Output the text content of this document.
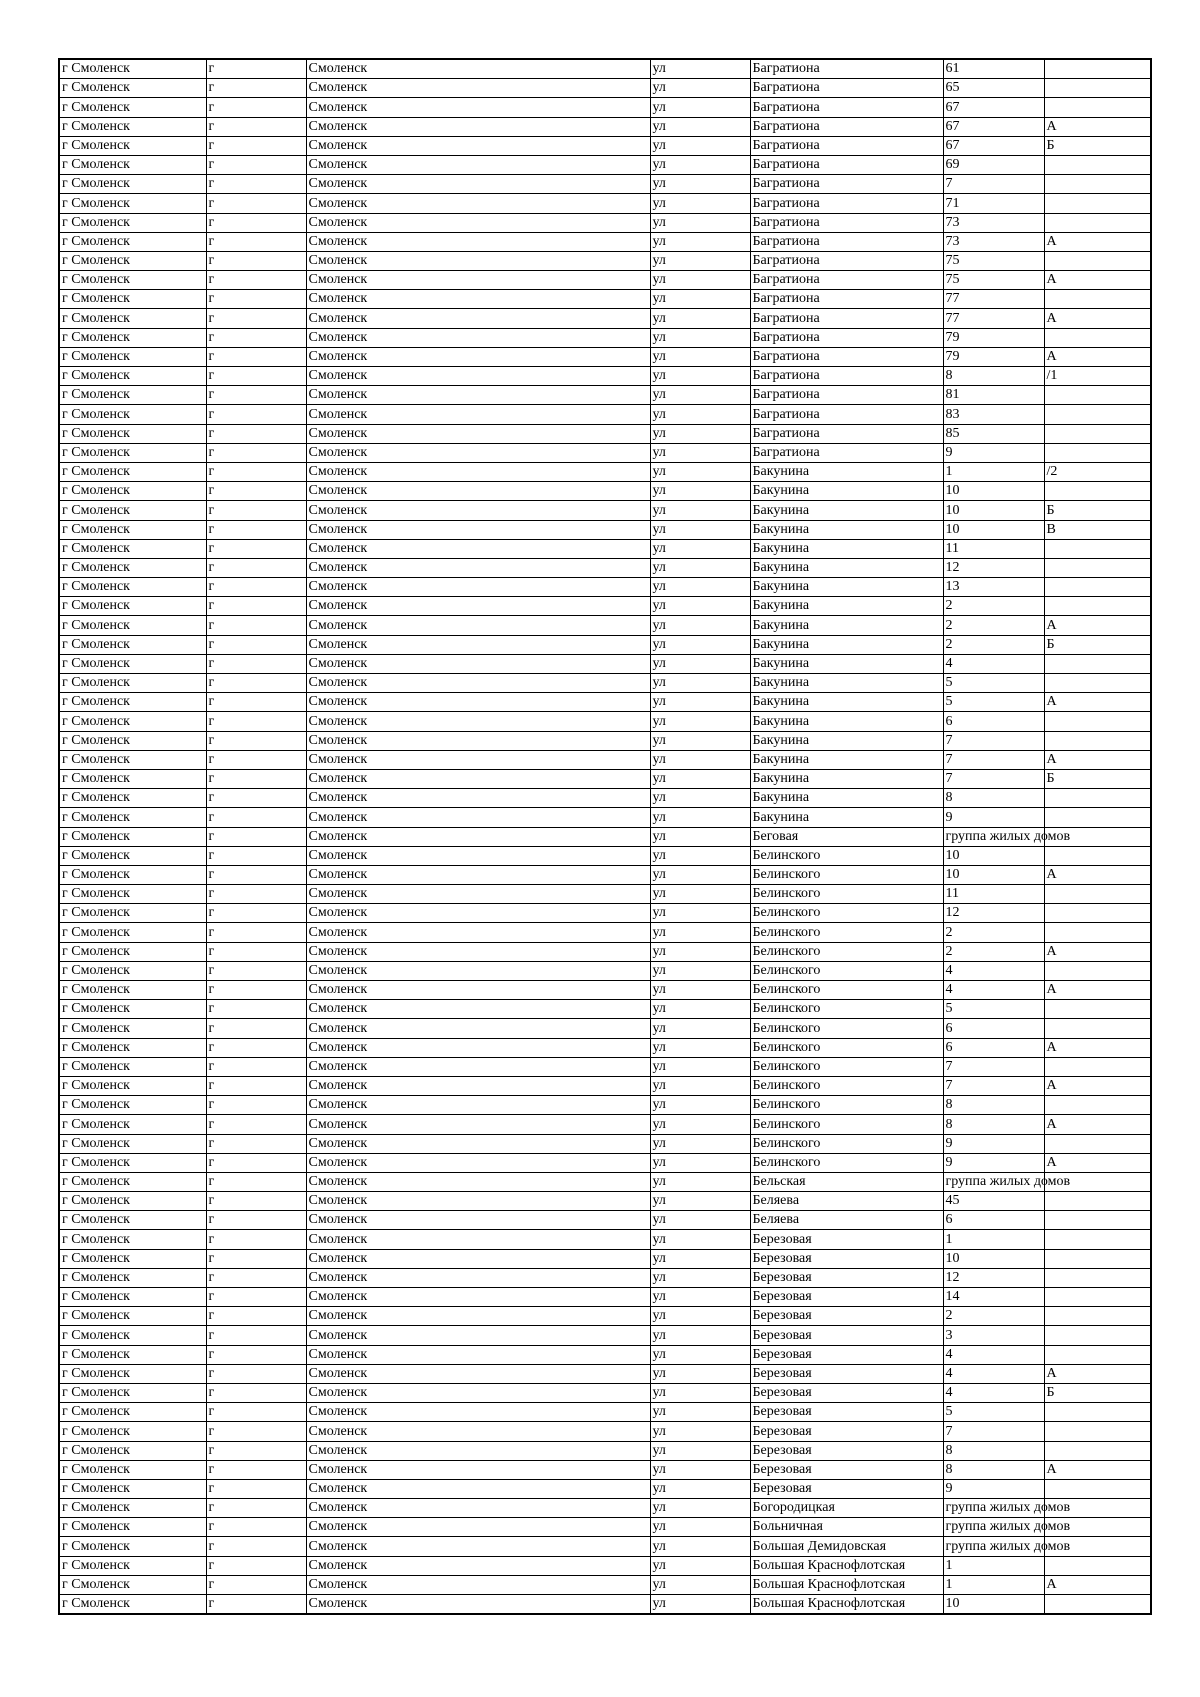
г Смоленск	г	Смоленск	ул	Багратиона	61	
г Смоленск	г	Смоленск	ул	Багратиона	65	
г Смоленск	г	Смоленск	ул	Багратиона	67	
г Смоленск	г	Смоленск	ул	Багратиона	67	А
г Смоленск	г	Смоленск	ул	Багратиона	67	Б
г Смоленск	г	Смоленск	ул	Багратиона	69	
г Смоленск	г	Смоленск	ул	Багратиона	7	
г Смоленск	г	Смоленск	ул	Багратиона	71	
г Смоленск	г	Смоленск	ул	Багратиона	73	
г Смоленск	г	Смоленск	ул	Багратиона	73	А
г Смоленск	г	Смоленск	ул	Багратиона	75	
г Смоленск	г	Смоленск	ул	Багратиона	75	А
г Смоленск	г	Смоленск	ул	Багратиона	77	
г Смоленск	г	Смоленск	ул	Багратиона	77	А
г Смоленск	г	Смоленск	ул	Багратиона	79	
г Смоленск	г	Смоленск	ул	Багратиона	79	А
г Смоленск	г	Смоленск	ул	Багратиона	8	/1
г Смоленск	г	Смоленск	ул	Багратиона	81	
г Смоленск	г	Смоленск	ул	Багратиона	83	
г Смоленск	г	Смоленск	ул	Багратиона	85	
г Смоленск	г	Смоленск	ул	Багратиона	9	
г Смоленск	г	Смоленск	ул	Бакунина	1	/2
г Смоленск	г	Смоленск	ул	Бакунина	10	
г Смоленск	г	Смоленск	ул	Бакунина	10	Б
г Смоленск	г	Смоленск	ул	Бакунина	10	В
г Смоленск	г	Смоленск	ул	Бакунина	11	
г Смоленск	г	Смоленск	ул	Бакунина	12	
г Смоленск	г	Смоленск	ул	Бакунина	13	
г Смоленск	г	Смоленск	ул	Бакунина	2	
г Смоленск	г	Смоленск	ул	Бакунина	2	А
г Смоленск	г	Смоленск	ул	Бакунина	2	Б
г Смоленск	г	Смоленск	ул	Бакунина	4	
г Смоленск	г	Смоленск	ул	Бакунина	5	
г Смоленск	г	Смоленск	ул	Бакунина	5	А
г Смоленск	г	Смоленск	ул	Бакунина	6	
г Смоленск	г	Смоленск	ул	Бакунина	7	
г Смоленск	г	Смоленск	ул	Бакунина	7	А
г Смоленск	г	Смоленск	ул	Бакунина	7	Б
г Смоленск	г	Смоленск	ул	Бакунина	8	
г Смоленск	г	Смоленск	ул	Бакунина	9	
г Смоленск	г	Смоленск	ул	Беговая	группа жилых домов	
г Смоленск	г	Смоленск	ул	Белинского	10	
г Смоленск	г	Смоленск	ул	Белинского	10	А
г Смоленск	г	Смоленск	ул	Белинского	11	
г Смоленск	г	Смоленск	ул	Белинского	12	
г Смоленск	г	Смоленск	ул	Белинского	2	
г Смоленск	г	Смоленск	ул	Белинского	2	А
г Смоленск	г	Смоленск	ул	Белинского	4	
г Смоленск	г	Смоленск	ул	Белинского	4	А
г Смоленск	г	Смоленск	ул	Белинского	5	
г Смоленск	г	Смоленск	ул	Белинского	6	
г Смоленск	г	Смоленск	ул	Белинского	6	А
г Смоленск	г	Смоленск	ул	Белинского	7	
г Смоленск	г	Смоленск	ул	Белинского	7	А
г Смоленск	г	Смоленск	ул	Белинского	8	
г Смоленск	г	Смоленск	ул	Белинского	8	А
г Смоленск	г	Смоленск	ул	Белинского	9	
г Смоленск	г	Смоленск	ул	Белинского	9	А
г Смоленск	г	Смоленск	ул	Бельская	группа жилых домов	
г Смоленск	г	Смоленск	ул	Беляева	45	
г Смоленск	г	Смоленск	ул	Беляева	6	
г Смоленск	г	Смоленск	ул	Березовая	1	
г Смоленск	г	Смоленск	ул	Березовая	10	
г Смоленск	г	Смоленск	ул	Березовая	12	
г Смоленск	г	Смоленск	ул	Березовая	14	
г Смоленск	г	Смоленск	ул	Березовая	2	
г Смоленск	г	Смоленск	ул	Березовая	3	
г Смоленск	г	Смоленск	ул	Березовая	4	
г Смоленск	г	Смоленск	ул	Березовая	4	А
г Смоленск	г	Смоленск	ул	Березовая	4	Б
г Смоленск	г	Смоленск	ул	Березовая	5	
г Смоленск	г	Смоленск	ул	Березовая	7	
г Смоленск	г	Смоленск	ул	Березовая	8	
г Смоленск	г	Смоленск	ул	Березовая	8	А
г Смоленск	г	Смоленск	ул	Березовая	9	
г Смоленск	г	Смоленск	ул	Богородицкая	группа жилых домов	
г Смоленск	г	Смоленск	ул	Больничная	группа жилых домов	
г Смоленск	г	Смоленск	ул	Большая Демидовская	группа жилых домов	
г Смоленск	г	Смоленск	ул	Большая Краснофлотская	1	
г Смоленск	г	Смоленск	ул	Большая Краснофлотская	1	А
г Смоленск	г	Смоленск	ул	Большая Краснофлотская	10	
